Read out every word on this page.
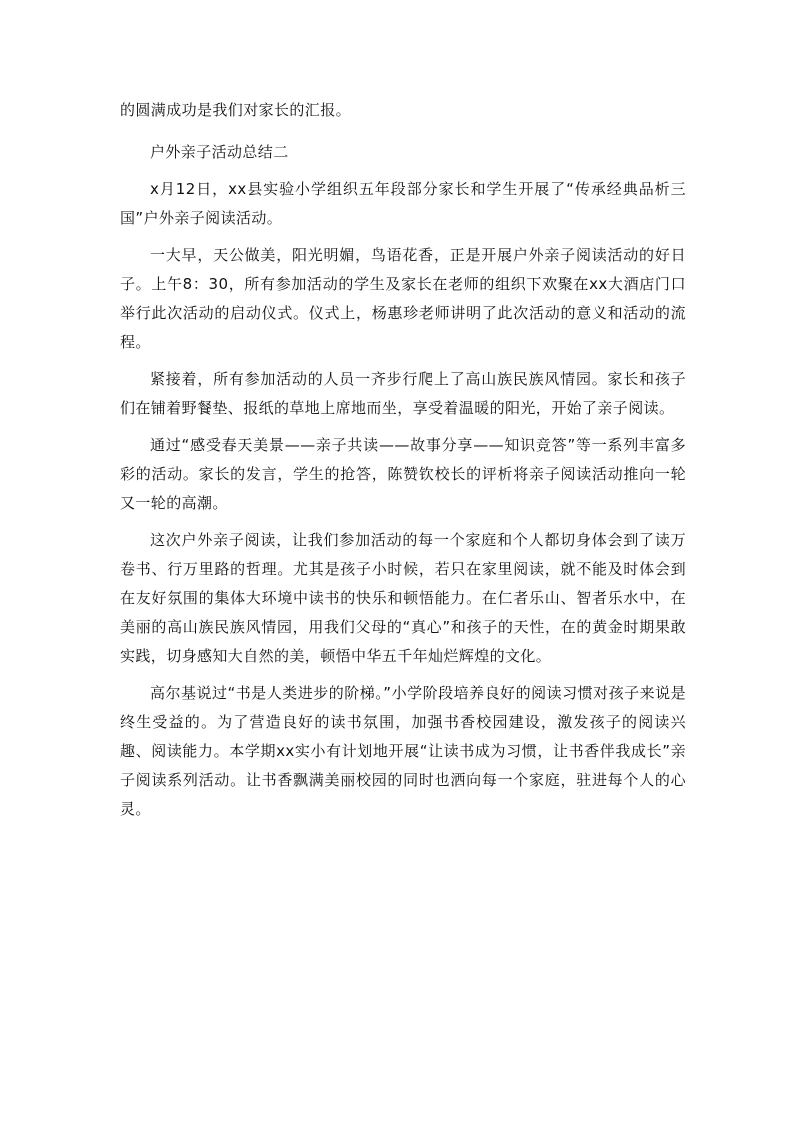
的圆满成功是我们对家长的汇报。

户外亲子活动总结二

x月12日，xx县实验小学组织五年段部分家长和学生开展了“传承经典品析三国”户外亲子阅读活动。

一大早，天公做美，阳光明媚，鸟语花香，正是开展户外亲子阅读活动的好日子。上午8：30，所有参加活动的学生及家长在老师的组织下欢聚在xx大酒店门口举行此次活动的启动仪式。仪式上，杨惠珍老师讲明了此次活动的意义和活动的流程。

紧接着，所有参加活动的人员一齐步行爬上了高山族民族风情园。家长和孩子们在铺着野餐垫、报纸的草地上席地而坐，享受着温暖的阳光，开始了亲子阅读。

通过“感受春天美景——亲子共读——故事分享——知识竞答”等一系列丰富多彩的活动。家长的发言，学生的抢答，陈赞钦校长的评析将亲子阅读活动推向一轮又一轮的高潮。

这次户外亲子阅读，让我们参加活动的每一个家庭和个人都切身体会到了读万卷书、行万里路的哲理。尤其是孩子小时候，若只在家里阅读，就不能及时体会到在友好氛围的集体大环境中读书的快乐和顿悟能力。在仁者乐山、智者乐水中，在美丽的高山族民族风情园，用我们父母的“真心”和孩子的天性，在的黄金时期果敢实践，切身感知大自然的美，顿悟中华五千年灿烂辉煌的文化。

高尔基说过“书是人类进步的阶梯。”小学阶段培养良好的阅读习惯对孩子来说是终生受益的。为了营造良好的读书氛围，加强书香校园建设，激发孩子的阅读兴趣、阅读能力。本学期xx实小有计划地开展“让读书成为习惯，让书香伴我成长”亲子阅读系列活动。让书香飘满美丽校园的同时也洒向每一个家庭，驻进每个人的心灵。
